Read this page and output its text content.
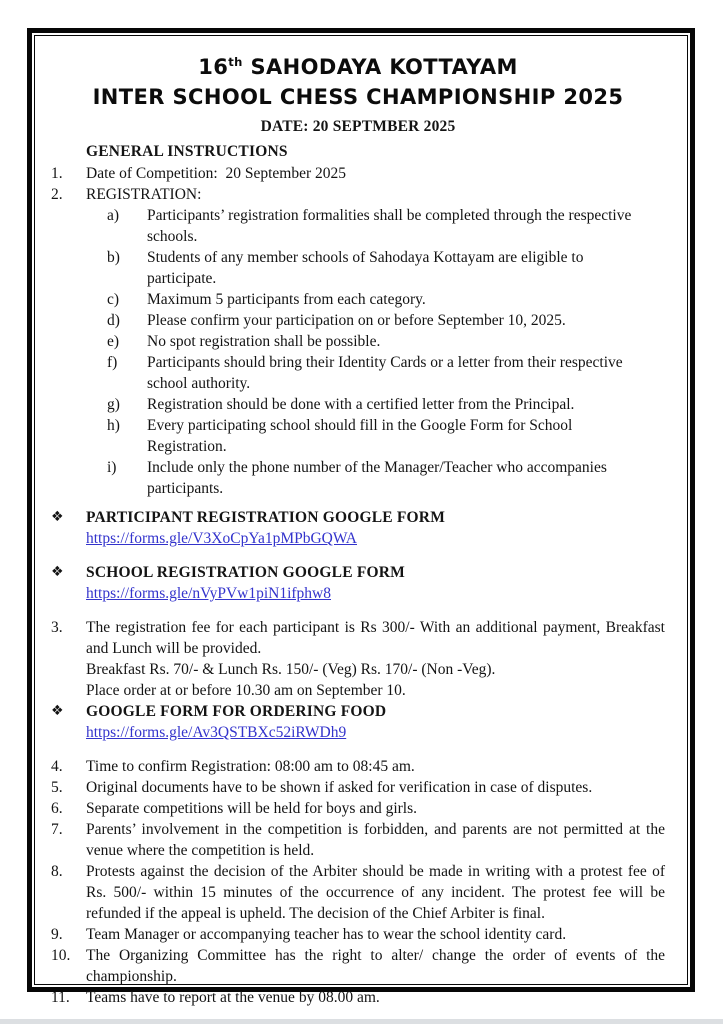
16th SAHODAYA KOTTAYAM
INTER SCHOOL CHESS CHAMPIONSHIP 2025
DATE: 20 SEPTMBER 2025
GENERAL INSTRUCTIONS
1.	Date of Competition:  20 September 2025
2.	REGISTRATION:
a)	Participants’ registration formalities shall be completed through the respective schools.
b)	Students of any member schools of Sahodaya Kottayam are eligible to participate.
c)	Maximum 5 participants from each category.
d)	Please confirm your participation on or before September 10, 2025.
e)	No spot registration shall be possible.
f)	Participants should bring their Identity Cards or a letter from their respective school authority.
g)	Registration should be done with a certified letter from the Principal.
h)	Every participating school should fill in the Google Form for School Registration.
i)	Include only the phone number of the Manager/Teacher who accompanies participants.
❖	PARTICIPANT REGISTRATION GOOGLE FORM
https://forms.gle/V3XoCpYa1pMPbGQWA
❖	SCHOOL REGISTRATION GOOGLE FORM
https://forms.gle/nVyPVw1piN1ifphw8
3.	The registration fee for each participant is Rs 300/- With an additional payment, Breakfast and Lunch will be provided.
Breakfast Rs. 70/- & Lunch Rs. 150/- (Veg) Rs. 170/- (Non -Veg).
Place order at or before 10.30 am on September 10.
❖	GOOGLE FORM FOR ORDERING FOOD
https://forms.gle/Av3QSTBXc52iRWDh9
4.	Time to confirm Registration: 08:00 am to 08:45 am.
5.	Original documents have to be shown if asked for verification in case of disputes.
6.	Separate competitions will be held for boys and girls.
7.	Parents’ involvement in the competition is forbidden, and parents are not permitted at the venue where the competition is held.
8.	Protests against the decision of the Arbiter should be made in writing with a protest fee of Rs. 500/- within 15 minutes of the occurrence of any incident. The protest fee will be refunded if the appeal is upheld. The decision of the Chief Arbiter is final.
9.	Team Manager or accompanying teacher has to wear the school identity card.
10.	The Organizing Committee has the right to alter/ change the order of events of the championship.
11.	Teams have to report at the venue by 08.00 am.
